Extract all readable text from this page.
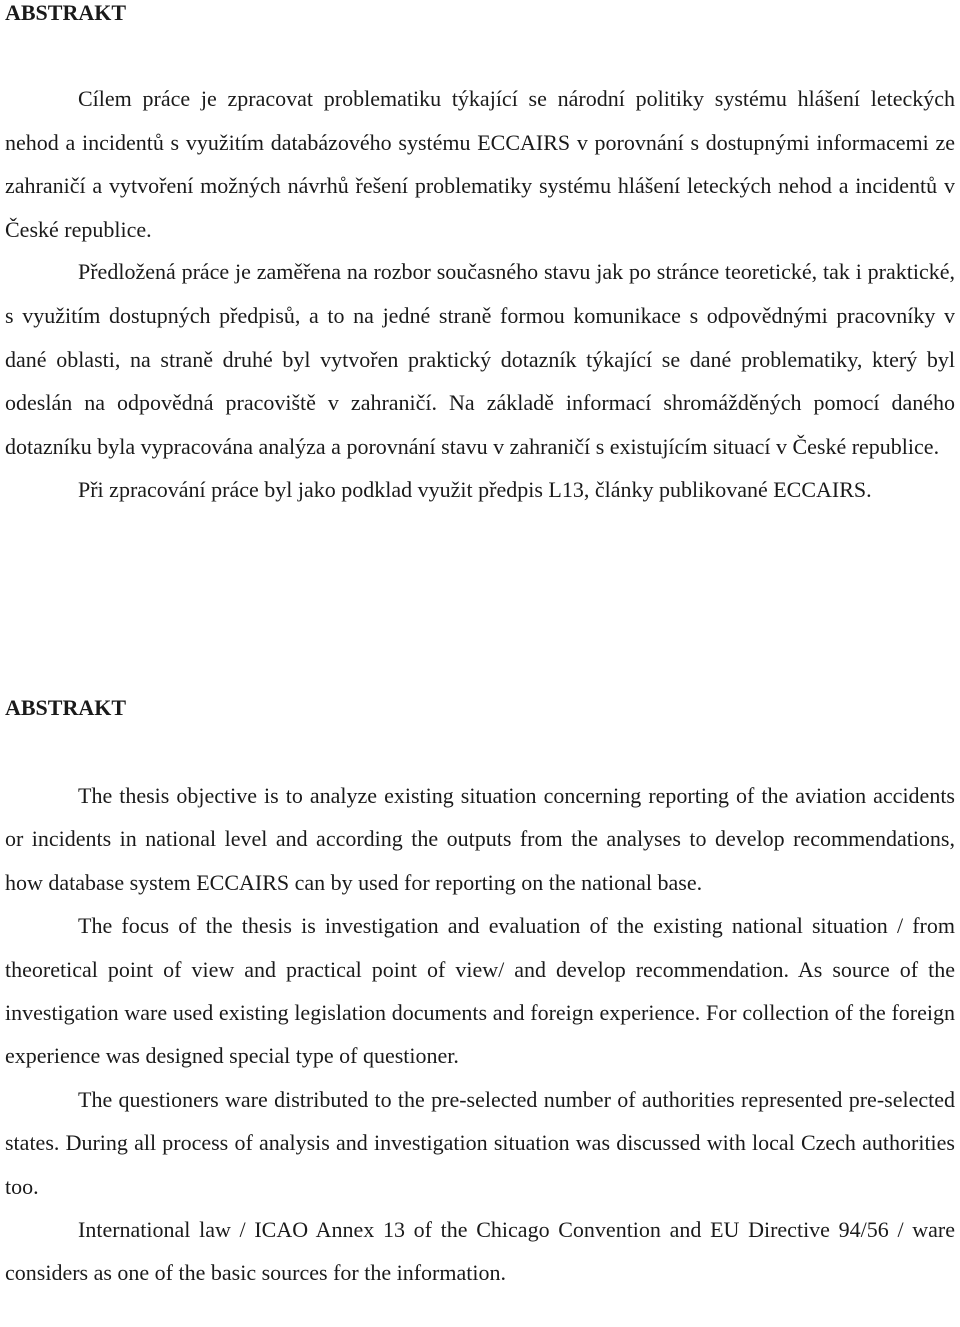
ABSTRAKT

Cílem práce je zpracovat problematiku týkající se národní politiky systému hlášení leteckých nehod a incidentů s využitím databázového systému ECCAIRS v porovnání s dostupnými informacemi ze zahraničí a vytvoření možných návrhů řešení problematiky systému hlášení leteckých nehod a incidentů v České republice.

Předložená práce je zaměřena na rozbor současného stavu jak po stránce teoretické, tak i praktické, s využitím dostupných předpisů, a to na jedné straně formou komunikace s odpovědnými pracovníky v dané oblasti, na straně druhé byl vytvořen praktický dotazník týkající se dané problematiky, který byl odeslán na odpovědná pracoviště v zahraničí. Na základě informací shromážděných pomocí daného dotazníku byla vypracována analýza a porovnání stavu v zahraničí s existujícím situací v České republice.

Při zpracování práce byl jako podklad využit předpis L13, články publikované ECCAIRS.

ABSTRAKT

The thesis objective is to analyze existing situation concerning reporting of the aviation accidents or incidents in national level and according the outputs from the analyses to develop recommendations, how database system ECCAIRS can by used for reporting on the national base.

The focus of the thesis is investigation and evaluation of the existing national situation / from theoretical point of view and practical point of view/ and develop recommendation. As source of the investigation ware used existing legislation documents and foreign experience. For collection of the foreign experience was designed special type of questioner.

The questioners ware distributed to the pre-selected number of authorities represented pre-selected states. During all process of analysis and investigation situation was discussed with local Czech authorities too.

International law / ICAO Annex 13 of the Chicago Convention and EU Directive 94/56 / ware considers as one of the basic sources for the information.
